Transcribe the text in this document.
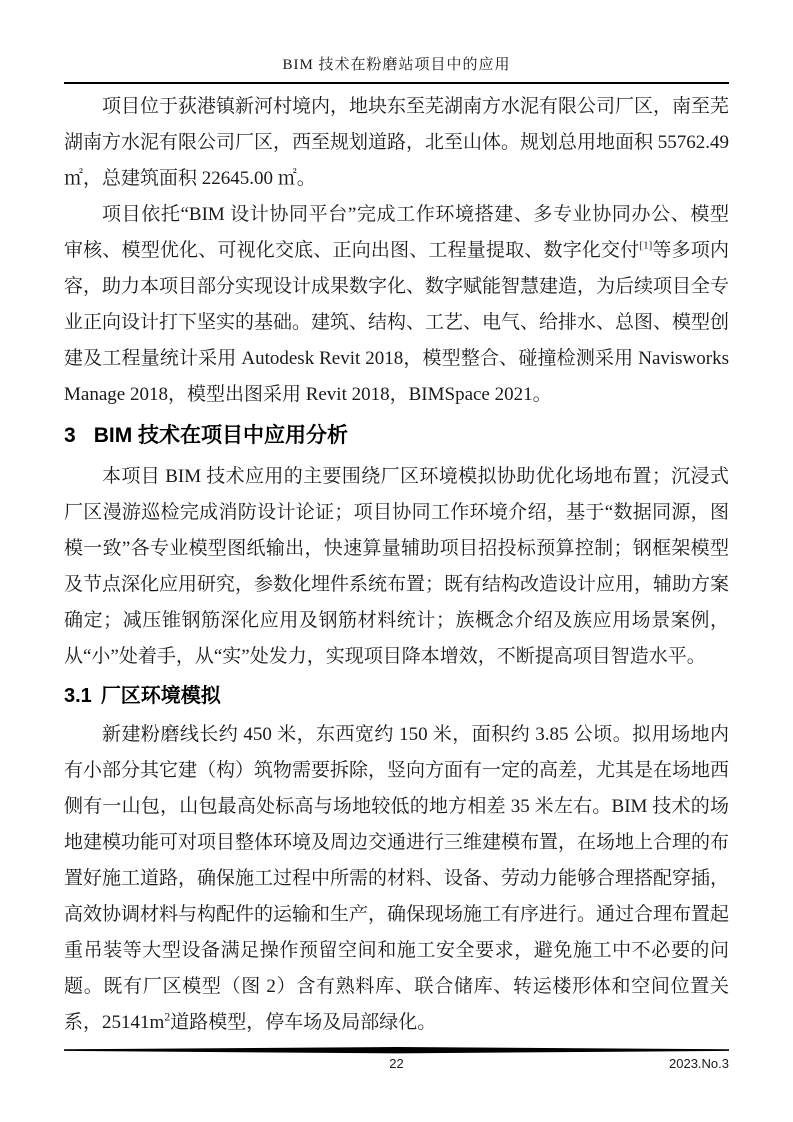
BIM 技术在粉磨站项目中的应用

项目位于荻港镇新河村境内，地块东至芜湖南方水泥有限公司厂区，南至芜湖南方水泥有限公司厂区，西至规划道路，北至山体。规划总用地面积 55762.49 ㎡，总建筑面积 22645.00 ㎡。

项目依托“BIM 设计协同平台”完成工作环境搭建、多专业协同办公、模型审核、模型优化、可视化交底、正向出图、工程量提取、数字化交付[1]等多项内容，助力本项目部分实现设计成果数字化、数字赋能智慧建造，为后续项目全专业正向设计打下坚实的基础。建筑、结构、工艺、电气、给排水、总图、模型创建及工程量统计采用 Autodesk Revit 2018，模型整合、碰撞检测采用 Navisworks Manage 2018，模型出图采用 Revit 2018，BIMSpace 2021。

3 BIM 技术在项目中应用分析

本项目 BIM 技术应用的主要围绕厂区环境模拟协助优化场地布置；沉浸式厂区漫游巡检完成消防设计论证；项目协同工作环境介绍，基于“数据同源，图模一致”各专业模型图纸输出，快速算量辅助项目招投标预算控制；钢框架模型及节点深化应用研究，参数化埋件系统布置；既有结构改造设计应用，辅助方案确定；减压锥钢筋深化应用及钢筋材料统计；族概念介绍及族应用场景案例，从“小”处着手，从“实”处发力，实现项目降本增效，不断提高项目智造水平。

3.1 厂区环境模拟

新建粉磨线长约 450 米，东西宽约 150 米，面积约 3.85 公顷。拟用场地内有小部分其它建（构）筑物需要拆除，竖向方面有一定的高差，尤其是在场地西侧有一山包，山包最高处标高与场地较低的地方相差 35 米左右。BIM 技术的场地建模功能可对项目整体环境及周边交通进行三维建模布置，在场地上合理的布置好施工道路，确保施工过程中所需的材料、设备、劳动力能够合理搭配穿插，高效协调材料与构配件的运输和生产，确保现场施工有序进行。通过合理布置起重吊装等大型设备满足操作预留空间和施工安全要求，避免施工中不必要的问题。既有厂区模型（图 2）含有熟料库、联合储库、转运楼形体和空间位置关系，$25141m^2$道路模型，停车场及局部绿化。

22	2023.No.3
